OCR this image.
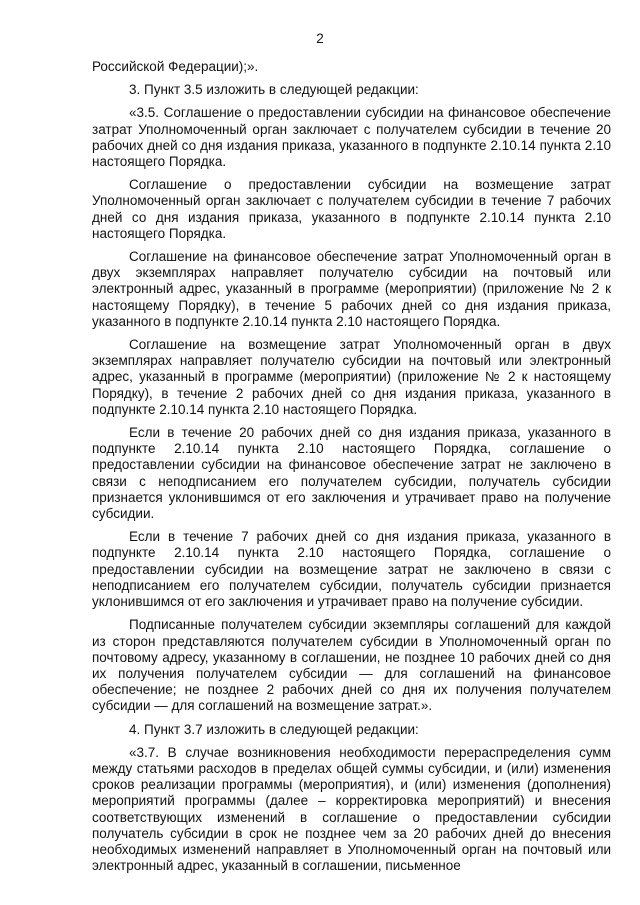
2

Российской Федерации);».

3. Пункт 3.5 изложить в следующей редакции:

«3.5. Соглашение о предоставлении субсидии на финансовое обеспечение затрат Уполномоченный орган заключает с получателем субсидии в течение 20 рабочих дней со дня издания приказа, указанного в подпункте 2.10.14 пункта 2.10 настоящего Порядка.

Соглашение о предоставлении субсидии на возмещение затрат Уполномоченный орган заключает с получателем субсидии в течение 7 рабочих дней со дня издания приказа, указанного в подпункте 2.10.14 пункта 2.10 настоящего Порядка.

Соглашение на финансовое обеспечение затрат Уполномоченный орган в двух экземплярах направляет получателю субсидии на почтовый или электронный адрес, указанный в программе (мероприятии) (приложение № 2 к настоящему Порядку), в течение 5 рабочих дней со дня издания приказа, указанного в подпункте 2.10.14 пункта 2.10 настоящего Порядка.

Соглашение на возмещение затрат Уполномоченный орган в двух экземплярах направляет получателю субсидии на почтовый или электронный адрес, указанный в программе (мероприятии) (приложение № 2 к настоящему Порядку), в течение 2 рабочих дней со дня издания приказа, указанного в подпункте 2.10.14 пункта 2.10 настоящего Порядка.

Если в течение 20 рабочих дней со дня издания приказа, указанного в подпункте 2.10.14 пункта 2.10 настоящего Порядка, соглашение о предоставлении субсидии на финансовое обеспечение затрат не заключено в связи с неподписанием его получателем субсидии, получатель субсидии признается уклонившимся от его заключения и утрачивает право на получение субсидии.

Если в течение 7 рабочих дней со дня издания приказа, указанного в подпункте 2.10.14 пункта 2.10 настоящего Порядка, соглашение о предоставлении субсидии на возмещение затрат не заключено в связи с неподписанием его получателем субсидии, получатель субсидии признается уклонившимся от его заключения и утрачивает право на получение субсидии.

Подписанные получателем субсидии экземпляры соглашений для каждой из сторон представляются получателем субсидии в Уполномоченный орган по почтовому адресу, указанному в соглашении, не позднее 10 рабочих дней со дня их получения получателем субсидии — для соглашений на финансовое обеспечение; не позднее 2 рабочих дней со дня их получения получателем субсидии — для соглашений на возмещение затрат.».

4. Пункт 3.7 изложить в следующей редакции:

«3.7. В случае возникновения необходимости перераспределения сумм между статьями расходов в пределах общей суммы субсидии, и (или) изменения сроков реализации программы (мероприятия), и (или) изменения (дополнения) мероприятий программы (далее – корректировка мероприятий) и внесения соответствующих изменений в соглашение о предоставлении субсидии получатель субсидии в срок не позднее чем за 20 рабочих дней до внесения необходимых изменений направляет в Уполномоченный орган на почтовый или электронный адрес, указанный в соглашении, письменное
